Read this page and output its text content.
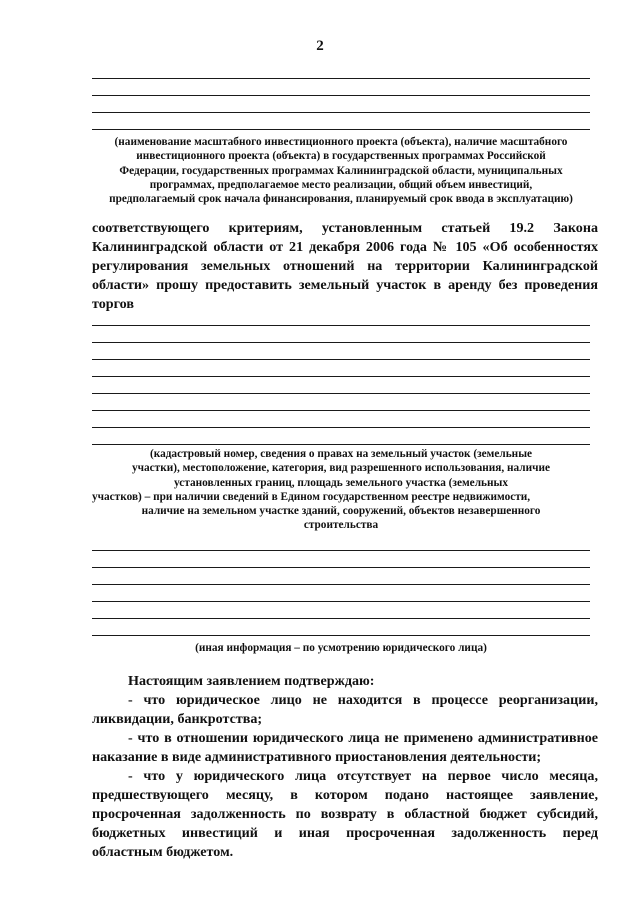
2
(наименование масштабного инвестиционного проекта (объекта), наличие масштабного
инвестиционного проекта (объекта) в государственных программах Российской
Федерации, государственных программах Калининградской области, муниципальных
программах, предполагаемое место реализации, общий объем инвестиций,
предполагаемый срок начала финансирования, планируемый срок ввода в эксплуатацию)
соответствующего критериям, установленным статьей 19.2 Закона
Калининградской области от 21 декабря 2006 года № 105 «Об особенностях
регулирования земельных отношений на территории Калининградской
области» прошу предоставить земельный участок в аренду без проведения
торгов
(кадастровый номер, сведения о правах на земельный участок (земельные
участки), местоположение, категория, вид разрешенного использования, наличие
установленных границ, площадь земельного участка (земельных
участков) – при наличии сведений в Едином государственном реестре недвижимости,
наличие на земельном участке зданий, сооружений, объектов незавершенного
строительства
(иная информация – по усмотрению юридического лица)
Настоящим заявлением подтверждаю:
- что юридическое лицо не находится в процессе реорганизации,
ликвидации, банкротства;
- что в отношении юридического лица не применено административное
наказание в виде административного приостановления деятельности;
- что у юридического лица отсутствует на первое число месяца,
предшествующего месяцу, в котором подано настоящее заявление,
просроченная задолженность по возврату в областной бюджет субсидий,
бюджетных инвестиций и иная просроченная задолженность перед
областным бюджетом.
